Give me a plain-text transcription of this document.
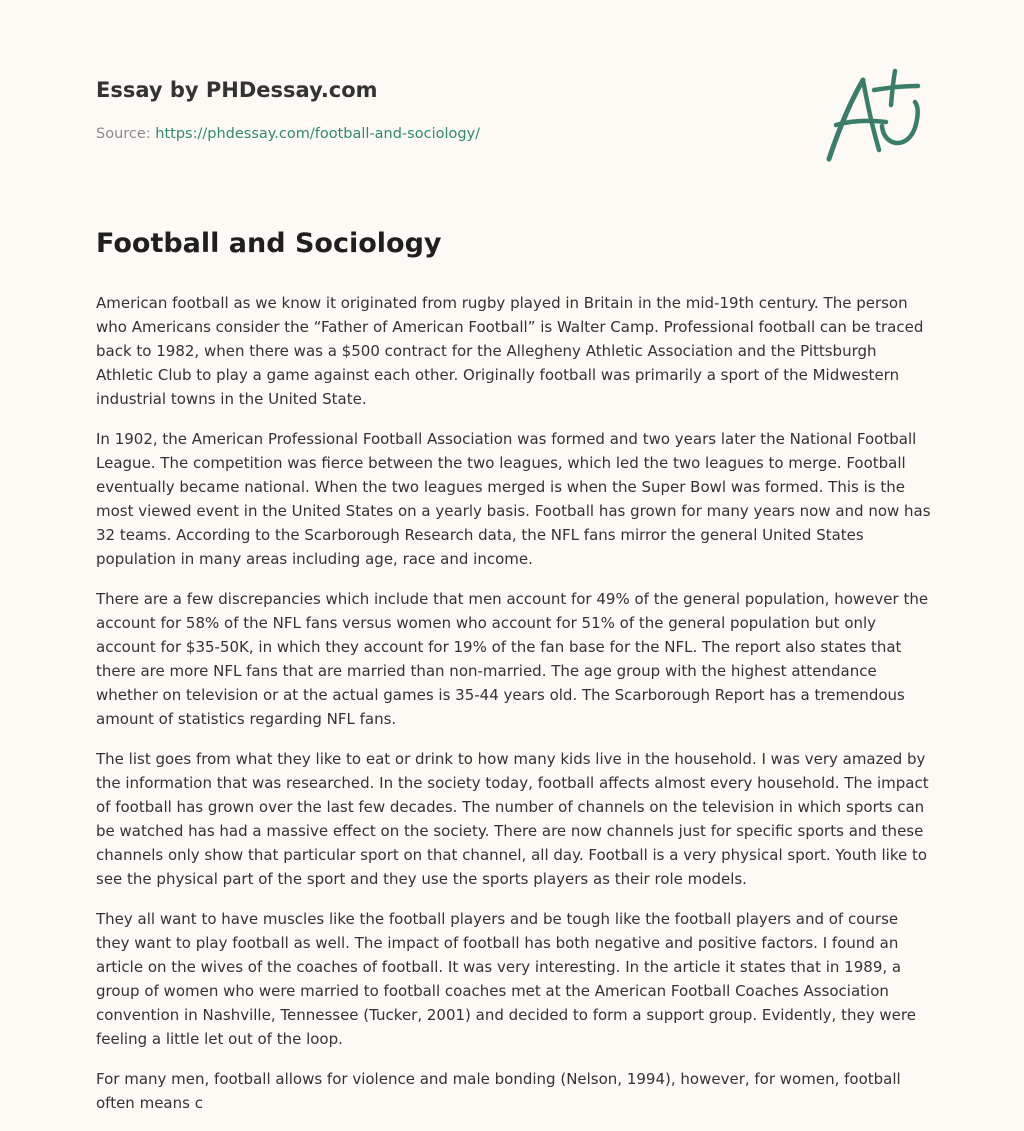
Essay by PHDessay.com
Source: https://phdessay.com/football-and-sociology/
Football and Sociology

American football as we know it originated from rugby played in Britain in the mid-19th century. The person who Americans consider the “Father of American Football” is Walter Camp. Professional football can be traced back to 1982, when there was a $500 contract for the Allegheny Athletic Association and the Pittsburgh Athletic Club to play a game against each other. Originally football was primarily a sport of the Midwestern industrial towns in the United State.

In 1902, the American Professional Football Association was formed and two years later the National Football League. The competition was fierce between the two leagues, which led the two leagues to merge. Football eventually became national. When the two leagues merged is when the Super Bowl was formed. This is the most viewed event in the United States on a yearly basis. Football has grown for many years now and now has 32 teams. According to the Scarborough Research data, the NFL fans mirror the general United States population in many areas including age, race and income.

There are a few discrepancies which include that men account for 49% of the general population, however the account for 58% of the NFL fans versus women who account for 51% of the general population but only account for $35-50K, in which they account for 19% of the fan base for the NFL. The report also states that there are more NFL fans that are married than non-married. The age group with the highest attendance whether on television or at the actual games is 35-44 years old. The Scarborough Report has a tremendous amount of statistics regarding NFL fans.

The list goes from what they like to eat or drink to how many kids live in the household. I was very amazed by the information that was researched. In the society today, football affects almost every household. The impact of football has grown over the last few decades. The number of channels on the television in which sports can be watched has had a massive effect on the society. There are now channels just for specific sports and these channels only show that particular sport on that channel, all day. Football is a very physical sport. Youth like to see the physical part of the sport and they use the sports players as their role models.

They all want to have muscles like the football players and be tough like the football players and of course they want to play football as well. The impact of football has both negative and positive factors. I found an article on the wives of the coaches of football. It was very interesting. In the article it states that in 1989, a group of women who were married to football coaches met at the American Football Coaches Association convention in Nashville, Tennessee (Tucker, 2001) and decided to form a support group. Evidently, they were feeling a little let out of the loop.

For many men, football allows for violence and male bonding (Nelson, 1994), however, for women, football often means c
